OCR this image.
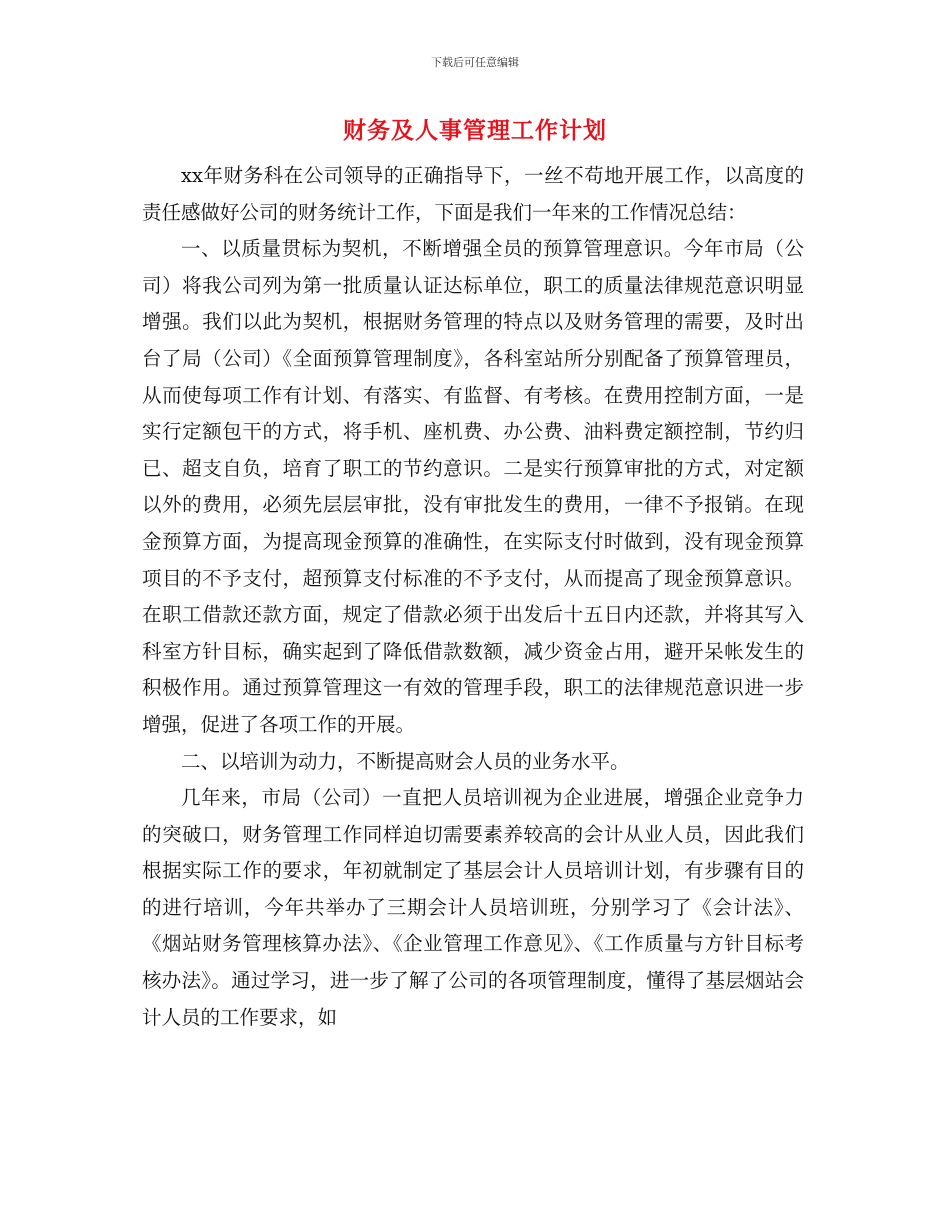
下载后可任意编辑
财务及人事管理工作计划

xx年财务科在公司领导的正确指导下，一丝不苟地开展工作，以高度的责任感做好公司的财务统计工作，下面是我们一年来的工作情况总结：

一、以质量贯标为契机，不断增强全员的预算管理意识。今年市局（公司）将我公司列为第一批质量认证达标单位，职工的质量法律规范意识明显增强。我们以此为契机，根据财务管理的特点以及财务管理的需要，及时出台了局（公司）《全面预算管理制度》，各科室站所分别配备了预算管理员，从而使每项工作有计划、有落实、有监督、有考核。在费用控制方面，一是实行定额包干的方式，将手机、座机费、办公费、油料费定额控制，节约归已、超支自负，培育了职工的节约意识。二是实行预算审批的方式，对定额以外的费用，必须先层层审批，没有审批发生的费用，一律不予报销。在现金预算方面，为提高现金预算的准确性，在实际支付时做到，没有现金预算项目的不予支付，超预算支付标准的不予支付，从而提高了现金预算意识。在职工借款还款方面，规定了借款必须于出发后十五日内还款，并将其写入科室方针目标，确实起到了降低借款数额，减少资金占用，避开呆帐发生的积极作用。通过预算管理这一有效的管理手段，职工的法律规范意识进一步增强，促进了各项工作的开展。

二、以培训为动力，不断提高财会人员的业务水平。

几年来，市局（公司）一直把人员培训视为企业进展，增强企业竞争力的突破口，财务管理工作同样迫切需要素养较高的会计从业人员，因此我们根据实际工作的要求，年初就制定了基层会计人员培训计划，有步骤有目的的进行培训，今年共举办了三期会计人员培训班，分别学习了《会计法》、《烟站财务管理核算办法》、《企业管理工作意见》、《工作质量与方针目标考核办法》。通过学习，进一步了解了公司的各项管理制度，懂得了基层烟站会计人员的工作要求，如
